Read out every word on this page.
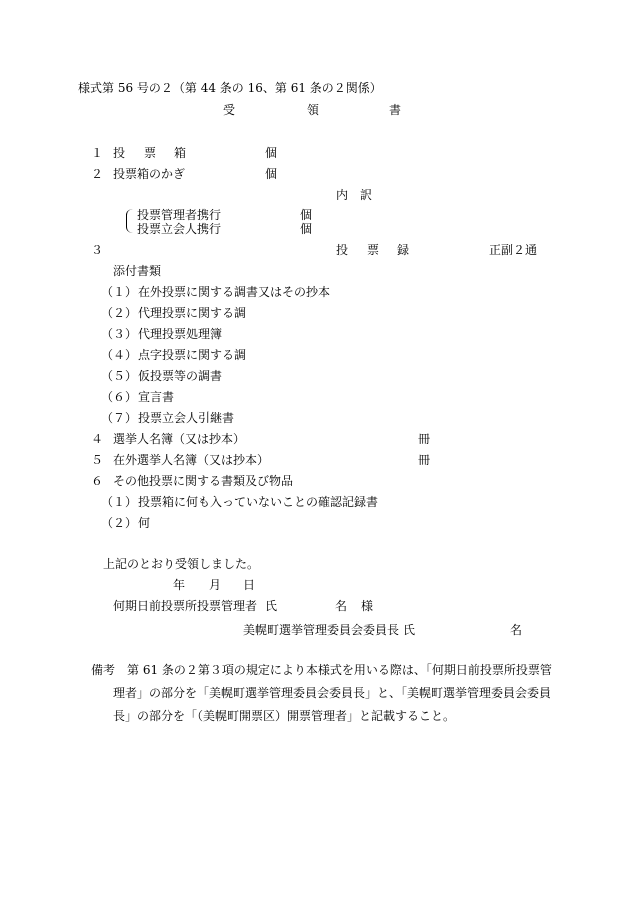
様式第 56 号の２（第 44 条の 16、第 61 条の２関係）
受	領	書
１ 投 票 箱	個
２ 投票箱のかぎ	個
内 訳
投票管理者携行	個
投票立会人携行	個
３	投 票 録	正副２通
添付書類
（１） 在外投票に関する調書又はその抄本
（２） 代理投票に関する調
（３） 代理投票処理簿
（４） 点字投票に関する調
（５） 仮投票等の調書
（６） 宣言書
（７） 投票立会人引継書
４ 選挙人名簿（又は抄本）	冊
５ 在外選挙人名簿（又は抄本）	冊
６ その他投票に関する書類及び物品
（１） 投票箱に何も入っていないことの確認記録書
（２） 何
上記のとおり受領しました。
年 月 日
何期日前投票所投票管理者 氏	名 様
美幌町選挙管理委員会委員長 氏	名
備考　第 61 条の２第３項の規定により本様式を用いる際は、「何期日前投票所投票管
理者」の部分を「美幌町選挙管理委員会委員長」と、「美幌町選挙管理委員会委員
長」の部分を「（美幌町開票区）開票管理者」と記載すること。
